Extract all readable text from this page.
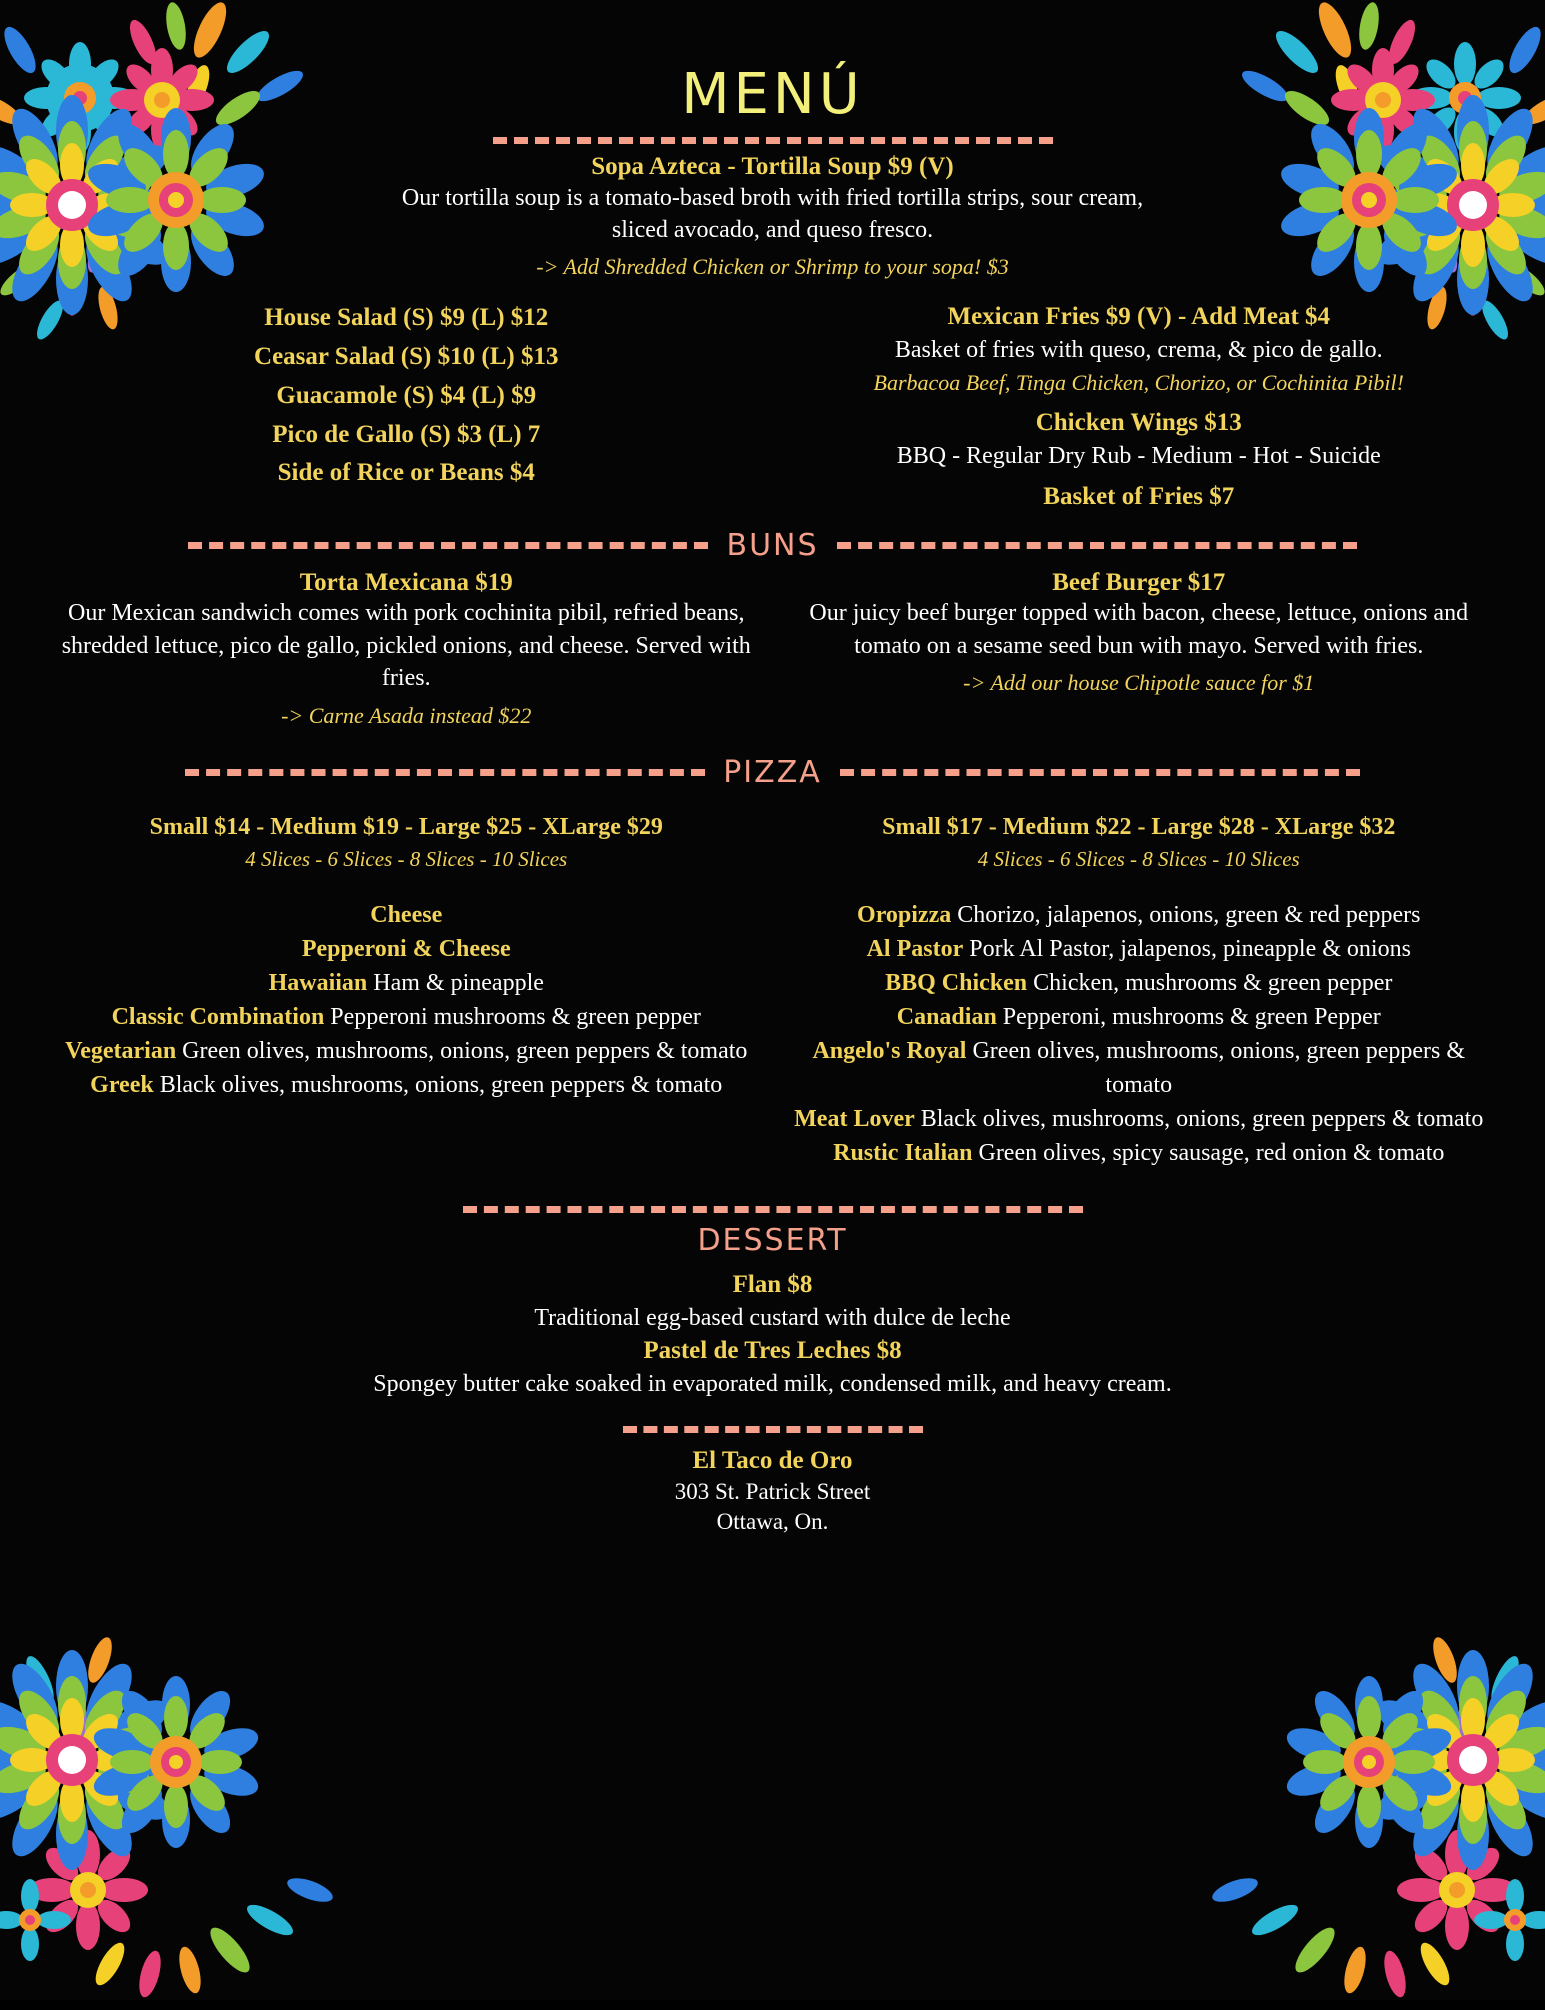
MENÚ
Sopa Azteca - Tortilla Soup $9 (V)
Our tortilla soup is a tomato-based broth with fried tortilla strips, sour cream, sliced avocado, and queso fresco.
-> Add Shredded Chicken or Shrimp to your sopa! $3
House Salad (S) $9 (L) $12
Ceasar Salad (S) $10 (L) $13
Guacamole (S) $4 (L) $9
Pico de Gallo (S) $3 (L) 7
Side of Rice or Beans $4
Mexican Fries $9 (V) - Add Meat $4
Basket of fries with queso, crema, & pico de gallo.
Barbacoa Beef, Tinga Chicken, Chorizo, or Cochinita Pibil!
Chicken Wings $13
BBQ - Regular Dry Rub - Medium - Hot - Suicide
Basket of Fries $7
BUNS
Torta Mexicana $19
Our Mexican sandwich comes with pork cochinita pibil, refried beans, shredded lettuce, pico de gallo, pickled onions, and cheese. Served with fries.
-> Carne Asada instead $22
Beef Burger $17
Our juicy beef burger topped with bacon, cheese, lettuce, onions and tomato on a sesame seed bun with mayo. Served with fries.
-> Add our house Chipotle sauce for $1
PIZZA
Small $14 - Medium $19 - Large $25 - XLarge $29
4 Slices - 6 Slices - 8 Slices - 10 Slices
Cheese
Pepperoni & Cheese
Hawaiian Ham & pineapple
Classic Combination Pepperoni mushrooms & green pepper
Vegetarian Green olives, mushrooms, onions, green peppers & tomato
Greek Black olives, mushrooms, onions, green peppers & tomato
Small $17 - Medium $22 - Large $28 - XLarge $32
4 Slices - 6 Slices - 8 Slices - 10 Slices
Oropizza Chorizo, jalapenos, onions, green & red peppers
Al Pastor Pork Al Pastor, jalapenos, pineapple & onions
BBQ Chicken Chicken, mushrooms & green pepper
Canadian Pepperoni, mushrooms & green Pepper
Angelo's Royal Green olives, mushrooms, onions, green peppers & tomato
Meat Lover Black olives, mushrooms, onions, green peppers & tomato
Rustic Italian Green olives, spicy sausage, red onion & tomato
DESSERT
Flan $8
Traditional egg-based custard with dulce de leche
Pastel de Tres Leches $8
Spongey butter cake soaked in evaporated milk, condensed milk, and heavy cream.
El Taco de Oro
303 St. Patrick Street
Ottawa, On.
